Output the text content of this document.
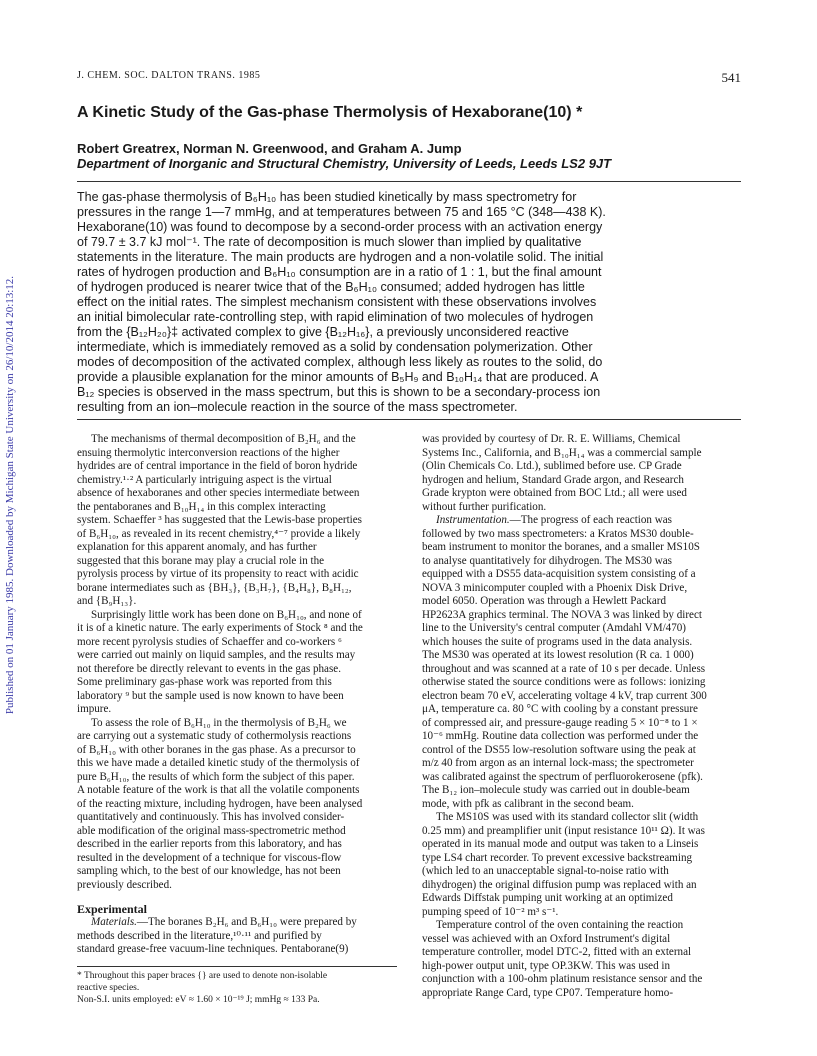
J. CHEM. SOC. DALTON TRANS. 1985	541
Published on 01 January 1985. Downloaded by Michigan State University on 26/10/2014 20:13:12.
A Kinetic Study of the Gas-phase Thermolysis of Hexaborane(10) *

Robert Greatrex, Norman N. Greenwood, and Graham A. Jump

Department of Inorganic and Structural Chemistry, University of Leeds, Leeds LS2 9JT

The gas-phase thermolysis of B₆H₁₀ has been studied kinetically by mass spectrometry for
pressures in the range 1—7 mmHg, and at temperatures between 75 and 165 °C (348—438 K).
Hexaborane(10) was found to decompose by a second-order process with an activation energy
of 79.7 ± 3.7 kJ mol⁻¹. The rate of decomposition is much slower than implied by qualitative
statements in the literature. The main products are hydrogen and a non-volatile solid. The initial
rates of hydrogen production and B₆H₁₀ consumption are in a ratio of 1 : 1, but the final amount
of hydrogen produced is nearer twice that of the B₆H₁₀ consumed; added hydrogen has little
effect on the initial rates. The simplest mechanism consistent with these observations involves
an initial bimolecular rate-controlling step, with rapid elimination of two molecules of hydrogen
from the {B₁₂H₂₀}‡ activated complex to give {B₁₂H₁₆}, a previously unconsidered reactive
intermediate, which is immediately removed as a solid by condensation polymerization. Other
modes of decomposition of the activated complex, although less likely as routes to the solid, do
provide a plausible explanation for the minor amounts of B₅H₉ and B₁₀H₁₄ that are produced. A
B₁₂ species is observed in the mass spectrum, but this is shown to be a secondary-process ion
resulting from an ion–molecule reaction in the source of the mass spectrometer.
The mechanisms of thermal decomposition of B₂H₆ and the
ensuing thermolytic interconversion reactions of the higher
hydrides are of central importance in the field of boron hydride
chemistry.¹·² A particularly intriguing aspect is the virtual
absence of hexaboranes and other species intermediate between
the pentaboranes and B₁₀H₁₄ in this complex interacting
system. Schaeffer ³ has suggested that the Lewis-base properties
of B₆H₁₀, as revealed in its recent chemistry,⁴⁻⁷ provide a likely
explanation for this apparent anomaly, and has further
suggested that this borane may play a crucial role in the
pyrolysis process by virtue of its propensity to react with acidic
borane intermediates such as {BH₃}, {B₃H₇}, {B₄H₈}, B₈H₁₂,
and {B₉H₁₃}.
Surprisingly little work has been done on B₆H₁₀, and none of
it is of a kinetic nature. The early experiments of Stock ⁸ and the
more recent pyrolysis studies of Schaeffer and co-workers ⁶
were carried out mainly on liquid samples, and the results may
not therefore be directly relevant to events in the gas phase.
Some preliminary gas-phase work was reported from this
laboratory ⁹ but the sample used is now known to have been
impure.
To assess the role of B₆H₁₀ in the thermolysis of B₂H₆ we
are carrying out a systematic study of cothermolysis reactions
of B₆H₁₀ with other boranes in the gas phase. As a precursor to
this we have made a detailed kinetic study of the thermolysis of
pure B₆H₁₀, the results of which form the subject of this paper.
A notable feature of the work is that all the volatile components
of the reacting mixture, including hydrogen, have been analysed
quantitatively and continuously. This has involved consider-
able modification of the original mass-spectrometric method
described in the earlier reports from this laboratory, and has
resulted in the development of a technique for viscous-flow
sampling which, to the best of our knowledge, has not been
previously described.
Experimental
Materials.—The boranes B₂H₆ and B₆H₁₀ were prepared by
methods described in the literature,¹⁰·¹¹ and purified by
standard grease-free vacuum-line techniques. Pentaborane(9)
* Throughout this paper braces {} are used to denote non-isolable
reactive species.
Non-S.I. units employed: eV ≈ 1.60 × 10⁻¹⁹ J; mmHg ≈ 133 Pa.
was provided by courtesy of Dr. R. E. Williams, Chemical
Systems Inc., California, and B₁₀H₁₄ was a commercial sample
(Olin Chemicals Co. Ltd.), sublimed before use. CP Grade
hydrogen and helium, Standard Grade argon, and Research
Grade krypton were obtained from BOC Ltd.; all were used
without further purification.
Instrumentation.—The progress of each reaction was
followed by two mass spectrometers: a Kratos MS30 double-
beam instrument to monitor the boranes, and a smaller MS10S
to analyse quantitatively for dihydrogen. The MS30 was
equipped with a DS55 data-acquisition system consisting of a
NOVA 3 minicomputer coupled with a Phoenix Disk Drive,
model 6050. Operation was through a Hewlett Packard
HP2623A graphics terminal. The NOVA 3 was linked by direct
line to the University's central computer (Amdahl VM/470)
which houses the suite of programs used in the data analysis.
The MS30 was operated at its lowest resolution (R ca. 1 000)
throughout and was scanned at a rate of 10 s per decade. Unless
otherwise stated the source conditions were as follows: ionizing
electron beam 70 eV, accelerating voltage 4 kV, trap current 300
μA, temperature ca. 80 °C with cooling by a constant pressure
of compressed air, and pressure-gauge reading 5 × 10⁻⁸ to 1 ×
10⁻⁶ mmHg. Routine data collection was performed under the
control of the DS55 low-resolution software using the peak at
m/z 40 from argon as an internal lock-mass; the spectrometer
was calibrated against the spectrum of perfluorokerosene (pfk).
The B₁₂ ion–molecule study was carried out in double-beam
mode, with pfk as calibrant in the second beam.
The MS10S was used with its standard collector slit (width
0.25 mm) and preamplifier unit (input resistance 10¹¹ Ω). It was
operated in its manual mode and output was taken to a Linseis
type LS4 chart recorder. To prevent excessive backstreaming
(which led to an unacceptable signal-to-noise ratio with
dihydrogen) the original diffusion pump was replaced with an
Edwards Diffstak pumping unit working at an optimized
pumping speed of 10⁻² m³ s⁻¹.
Temperature control of the oven containing the reaction
vessel was achieved with an Oxford Instrument's digital
temperature controller, model DTC-2, fitted with an external
high-power output unit, type OP.3KW. This was used in
conjunction with a 100-ohm platinum resistance sensor and the
appropriate Range Card, type CP07. Temperature homo-
